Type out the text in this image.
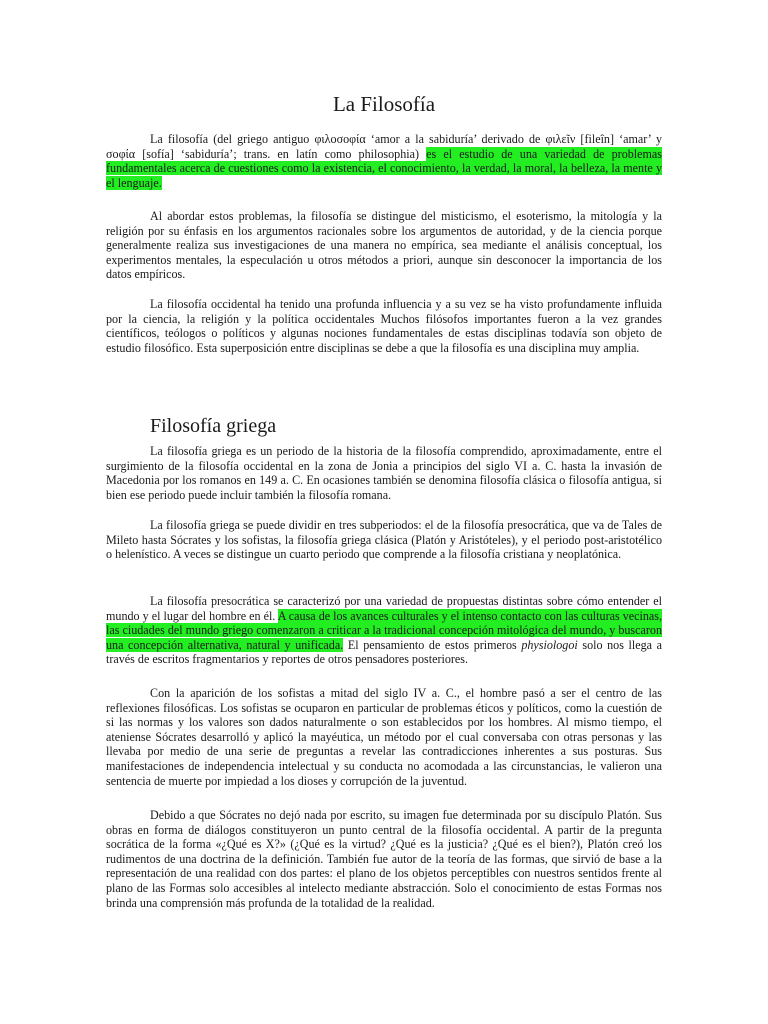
La Filosofía

La filosofía (del griego antiguo φιλοσοφία ‘amor a la sabiduría’ derivado de φιλεῖν [fileîn] ‘amar’ y σοφία [sofía] ‘sabiduría’; trans. en latín como philosophia) es el estudio de una variedad de problemas fundamentales acerca de cuestiones como la existencia, el conocimiento, la verdad, la moral, la belleza, la mente y el lenguaje.

Al abordar estos problemas, la filosofía se distingue del misticismo, el esoterismo, la mitología y la religión por su énfasis en los argumentos racionales sobre los argumentos de autoridad, y de la ciencia porque generalmente realiza sus investigaciones de una manera no empírica, sea mediante el análisis conceptual, los experimentos mentales, la especulación u otros métodos a priori, aunque sin desconocer la importancia de los datos empíricos.

La filosofía occidental ha tenido una profunda influencia y a su vez se ha visto profundamente influida por la ciencia, la religión y la política occidentales Muchos filósofos importantes fueron a la vez grandes científicos, teólogos o políticos y algunas nociones fundamentales de estas disciplinas todavía son objeto de estudio filosófico. Esta superposición entre disciplinas se debe a que la filosofía es una disciplina muy amplia.

Filosofía griega

La filosofía griega es un periodo de la historia de la filosofía comprendido, aproximadamente, entre el surgimiento de la filosofía occidental en la zona de Jonia a principios del siglo VI a. C. hasta la invasión de Macedonia por los romanos en 149 a. C. En ocasiones también se denomina filosofía clásica o filosofía antigua, si bien ese periodo puede incluir también la filosofía romana.

La filosofía griega se puede dividir en tres subperiodos: el de la filosofía presocrática, que va de Tales de Mileto hasta Sócrates y los sofistas, la filosofía griega clásica (Platón y Aristóteles), y el periodo post-aristotélico o helenístico. A veces se distingue un cuarto periodo que comprende a la filosofía cristiana y neoplatónica.

La filosofía presocrática se caracterizó por una variedad de propuestas distintas sobre cómo entender el mundo y el lugar del hombre en él. A causa de los avances culturales y el intenso contacto con las culturas vecinas, las ciudades del mundo griego comenzaron a criticar a la tradicional concepción mitológica del mundo, y buscaron una concepción alternativa, natural y unificada. El pensamiento de estos primeros physiologoi solo nos llega a través de escritos fragmentarios y reportes de otros pensadores posteriores.

Con la aparición de los sofistas a mitad del siglo IV a. C., el hombre pasó a ser el centro de las reflexiones filosóficas. Los sofistas se ocuparon en particular de problemas éticos y políticos, como la cuestión de si las normas y los valores son dados naturalmente o son establecidos por los hombres. Al mismo tiempo, el ateniense Sócrates desarrolló y aplicó la mayéutica, un método por el cual conversaba con otras personas y las llevaba por medio de una serie de preguntas a revelar las contradicciones inherentes a sus posturas. Sus manifestaciones de independencia intelectual y su conducta no acomodada a las circunstancias, le valieron una sentencia de muerte por impiedad a los dioses y corrupción de la juventud.

Debido a que Sócrates no dejó nada por escrito, su imagen fue determinada por su discípulo Platón. Sus obras en forma de diálogos constituyeron un punto central de la filosofía occidental. A partir de la pregunta socrática de la forma «¿Qué es X?» (¿Qué es la virtud? ¿Qué es la justicia? ¿Qué es el bien?), Platón creó los rudimentos de una doctrina de la definición. También fue autor de la teoría de las formas, que sirvió de base a la representación de una realidad con dos partes: el plano de los objetos perceptibles con nuestros sentidos frente al plano de las Formas solo accesibles al intelecto mediante abstracción. Solo el conocimiento de estas Formas nos brinda una comprensión más profunda de la totalidad de la realidad.
